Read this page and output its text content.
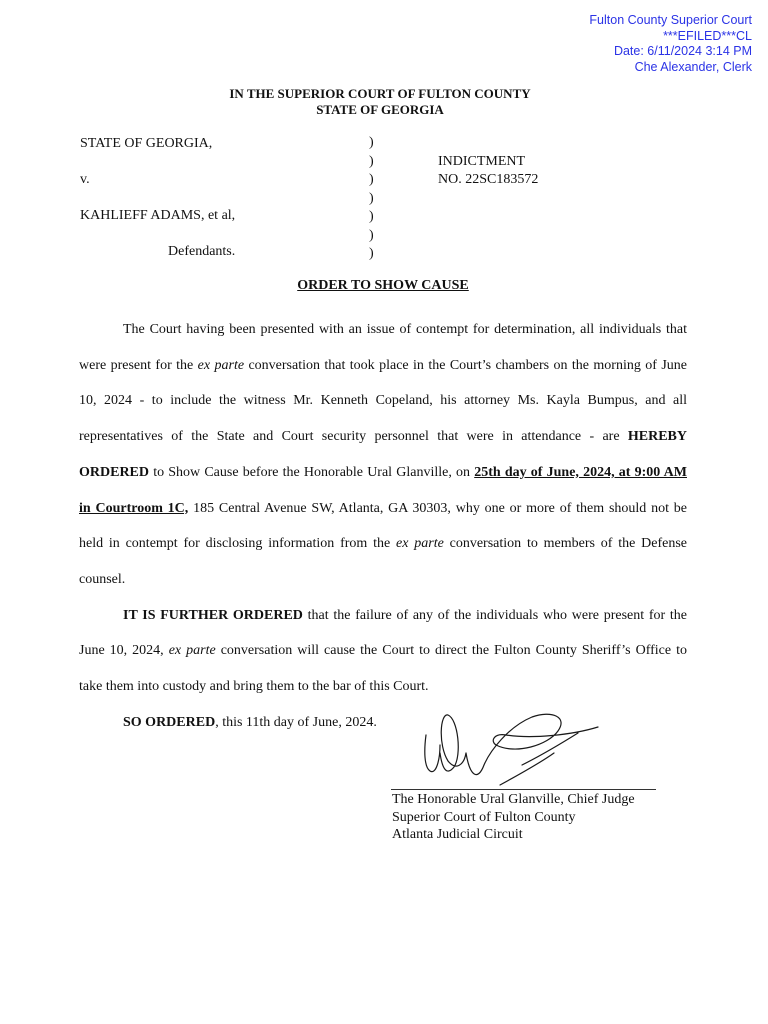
Fulton County Superior Court
***EFILED***CL
Date: 6/11/2024 3:14 PM
Che Alexander, Clerk
IN THE SUPERIOR COURT OF FULTON COUNTY
STATE OF GEORGIA
STATE OF GEORGIA,
v.
KAHLIEFF ADAMS, et al,
Defendants.
INDICTMENT
NO. 22SC183572
)
)
)
)
)
)
)
ORDER TO SHOW CAUSE

The Court having been presented with an issue of contempt for determination, all individuals that were present for the ex parte conversation that took place in the Court’s chambers on the morning of June 10, 2024 - to include the witness Mr. Kenneth Copeland, his attorney Ms. Kayla Bumpus, and all representatives of the State and Court security personnel that were in attendance - are HEREBY ORDERED to Show Cause before the Honorable Ural Glanville, on 25th day of June, 2024, at 9:00 AM in Courtroom 1C, 185 Central Avenue SW, Atlanta, GA 30303, why one or more of them should not be held in contempt for disclosing information from the ex parte conversation to members of the Defense counsel.

IT IS FURTHER ORDERED that the failure of any of the individuals who were present for the June 10, 2024, ex parte conversation will cause the Court to direct the Fulton County Sheriff’s Office to take them into custody and bring them to the bar of this Court.

SO ORDERED, this 11th day of June, 2024.

The Honorable Ural Glanville, Chief Judge
Superior Court of Fulton County
Atlanta Judicial Circuit
